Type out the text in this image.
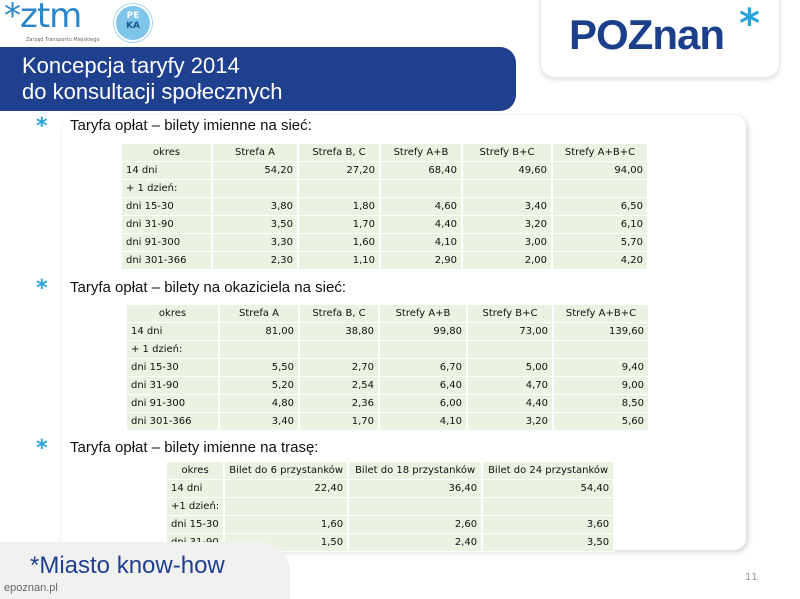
*ztm
Zarząd Transportu Miejskiego
PE
KA	POZnan *
Koncepcja taryfy 2014
do konsultacji społecznych
* Taryfa opłat – bilety imienne na sieć:
okres	Strefa A	Strefa B, C	Strefy A+B	Strefy B+C	Strefy A+B+C
14 dni	54,20	27,20	68,40	49,60	94,00
+ 1 dzień:					
dni 15-30	3,80	1,80	4,60	3,40	6,50
dni 31-90	3,50	1,70	4,40	3,20	6,10
dni 91-300	3,30	1,60	4,10	3,00	5,70
dni 301-366	2,30	1,10	2,90	2,00	4,20
* Taryfa opłat – bilety na okaziciela na sieć:
okres	Strefa A	Strefa B, C	Strefy A+B	Strefy B+C	Strefy A+B+C
14 dni	81,00	38,80	99,80	73,00	139,60
+ 1 dzień:					
dni 15-30	5,50	2,70	6,70	5,00	9,40
dni 31-90	5,20	2,54	6,40	4,70	9,00
dni 91-300	4,80	2,36	6,00	4,40	8,50
dni 301-366	3,40	1,70	4,10	3,20	5,60
* Taryfa opłat – bilety imienne na trasę:
okres	Bilet do 6 przystanków	Bilet do 18 przystanków	Bilet do 24 przystanków
14 dni	22,40	36,40	54,40
+1 dzień:			
dni 15-30	1,60	2,60	3,60
	1,50	2,40	3,50
*Miasto know-how	11
epoznan.pl
